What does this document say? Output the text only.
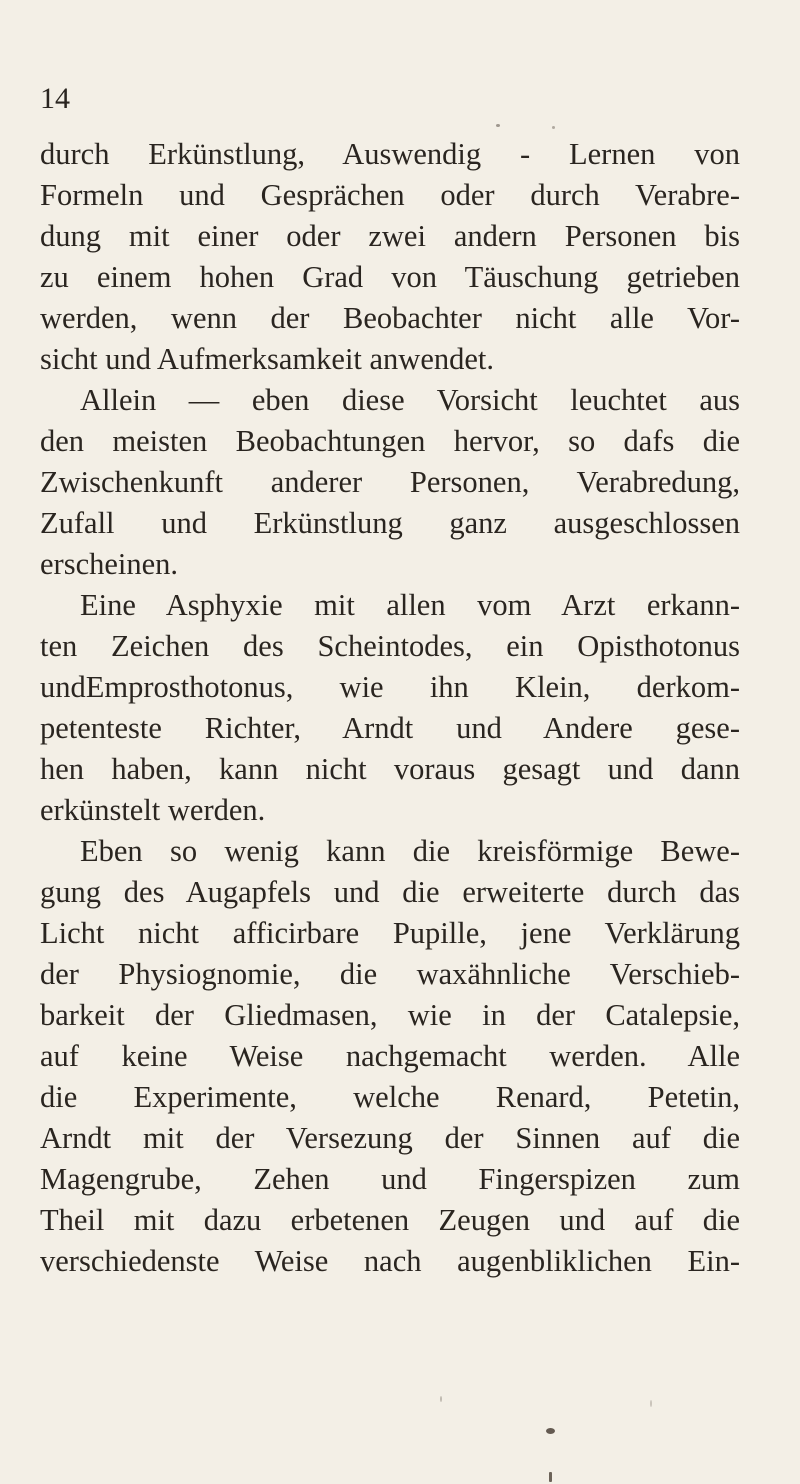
14
durch Erkünstlung, Auswendig - Lernen von
Formeln und Gesprächen oder durch Verabre-
dung mit einer oder zwei andern Personen bis
zu einem hohen Grad von Täuschung getrieben
werden, wenn der Beobachter nicht alle Vor-
sicht und Aufmerksamkeit anwendet.
Allein — eben diese Vorsicht leuchtet aus
den meisten Beobachtungen hervor, so dafs die
Zwischenkunft anderer Personen, Verabredung,
Zufall und Erkünstlung ganz ausgeschlossen
erscheinen.
Eine Asphyxie mit allen vom Arzt erkann-
ten Zeichen des Scheintodes, ein Opisthotonus
undEmprosthotonus, wie ihn Klein, derkom-
petenteste Richter, Arndt und Andere gese-
hen haben, kann nicht voraus gesagt und dann
erkünstelt werden.
Eben so wenig kann die kreisförmige Bewe-
gung des Augapfels und die erweiterte durch das
Licht nicht afficirbare Pupille, jene Verklärung
der Physiognomie, die waxähnliche Verschieb-
barkeit der Gliedmasen, wie in der Catalepsie,
auf keine Weise nachgemacht werden. Alle
die Experimente, welche Renard, Petetin,
Arndt mit der Versezung der Sinnen auf die
Magengrube, Zehen und Fingerspizen zum
Theil mit dazu erbetenen Zeugen und auf die
verschiedenste Weise nach augenbliklichen Ein-
